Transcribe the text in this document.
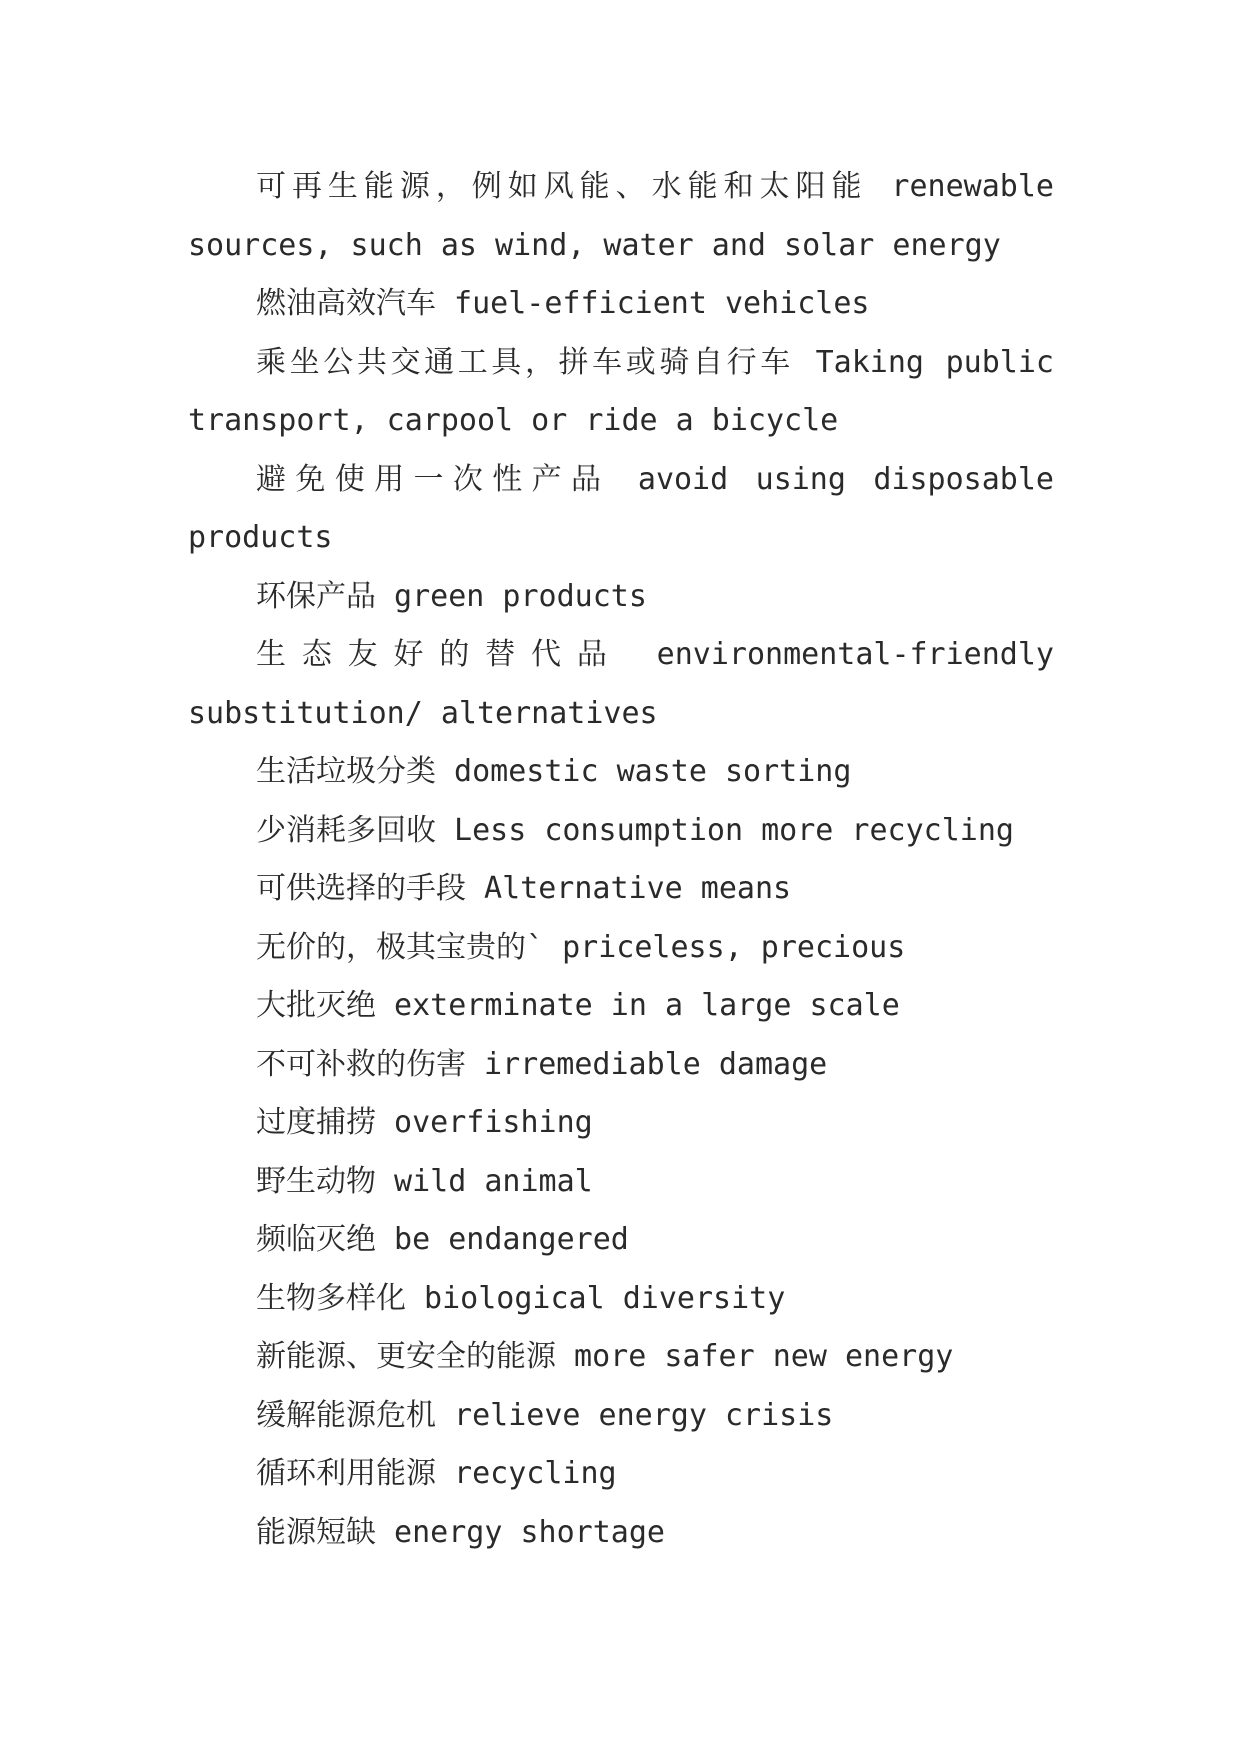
可再生能源，例如风能、水能和太阳能 renewable sources, such as wind, water and solar energy

燃油高效汽车 fuel-efficient vehicles

乘坐公共交通工具，拼车或骑自行车 Taking public transport, carpool or ride a bicycle

避免使用一次性产品 avoid using disposable products

环保产品 green products

生态友好的替代品 environmental-friendly substitution/ alternatives

生活垃圾分类 domestic waste sorting

少消耗多回收 Less consumption more recycling

可供选择的手段 Alternative means

无价的，极其宝贵的` priceless, precious

大批灭绝 exterminate in a large scale

不可补救的伤害 irremediable damage

过度捕捞 overfishing

野生动物 wild animal

频临灭绝 be endangered

生物多样化 biological diversity

新能源、更安全的能源 more safer new energy

缓解能源危机 relieve energy crisis

循环利用能源 recycling

能源短缺 energy shortage
